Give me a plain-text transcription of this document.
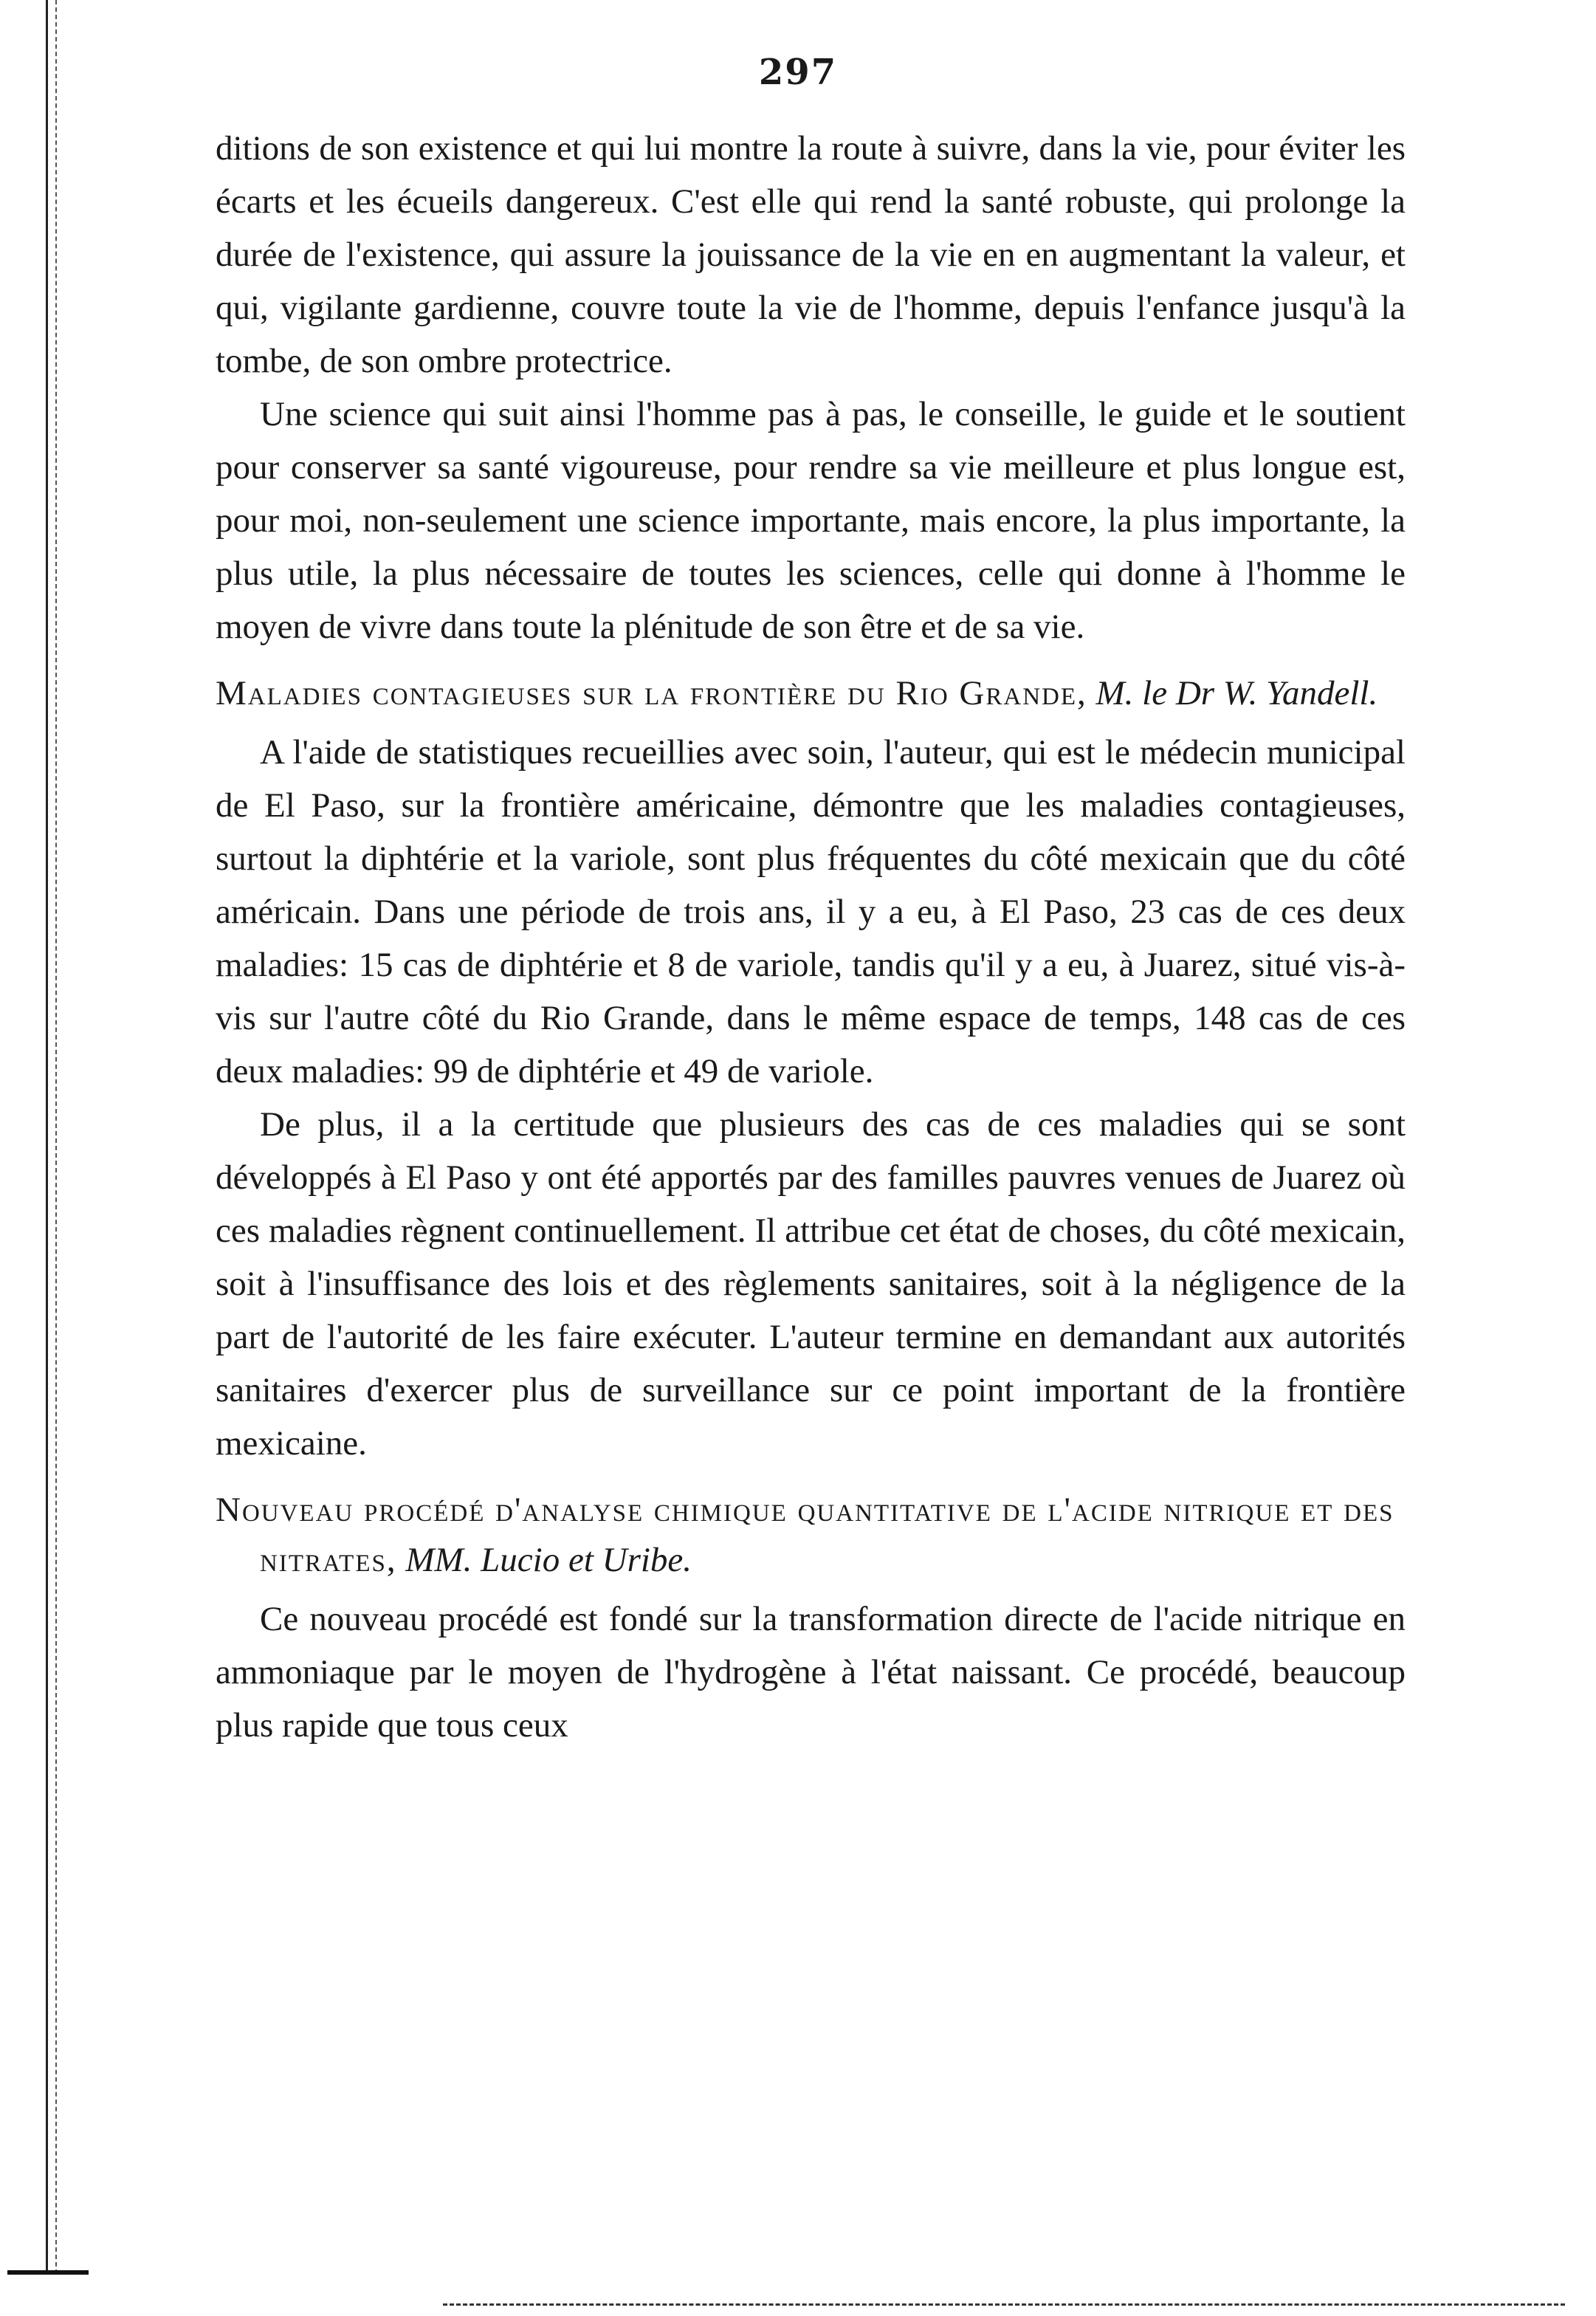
297

ditions de son existence et qui lui montre la route à suivre, dans la vie, pour éviter les écarts et les écueils dangereux. C'est elle qui rend la santé robuste, qui prolonge la durée de l'existence, qui assure la jouissance de la vie en en augmentant la valeur, et qui, vigilante gardienne, couvre toute la vie de l'homme, depuis l'enfance jusqu'à la tombe, de son ombre protectrice.

Une science qui suit ainsi l'homme pas à pas, le conseille, le guide et le soutient pour conserver sa santé vigoureuse, pour rendre sa vie meilleure et plus longue est, pour moi, non-seulement une science importante, mais encore, la plus importante, la plus utile, la plus nécessaire de toutes les sciences, celle qui donne à l'homme le moyen de vivre dans toute la plénitude de son être et de sa vie.

Maladies contagieuses sur la frontière du Rio Grande, M. le Dr W. Yandell.

A l'aide de statistiques recueillies avec soin, l'auteur, qui est le médecin municipal de El Paso, sur la frontière américaine, démontre que les maladies contagieuses, surtout la diphtérie et la variole, sont plus fréquentes du côté mexicain que du côté américain. Dans une période de trois ans, il y a eu, à El Paso, 23 cas de ces deux maladies: 15 cas de diphtérie et 8 de variole, tandis qu'il y a eu, à Juarez, situé vis-à-vis sur l'autre côté du Rio Grande, dans le même espace de temps, 148 cas de ces deux maladies: 99 de diphtérie et 49 de variole.

De plus, il a la certitude que plusieurs des cas de ces maladies qui se sont développés à El Paso y ont été apportés par des familles pauvres venues de Juarez où ces maladies règnent continuellement. Il attribue cet état de choses, du côté mexicain, soit à l'insuffisance des lois et des règlements sanitaires, soit à la négligence de la part de l'autorité de les faire exécuter. L'auteur termine en demandant aux autorités sanitaires d'exercer plus de surveillance sur ce point important de la frontière mexicaine.

Nouveau procédé d'analyse chimique quantitative de l'acide nitrique et des nitrates, MM. Lucio et Uribe.

Ce nouveau procédé est fondé sur la transformation directe de l'acide nitrique en ammoniaque par le moyen de l'hydrogène à l'état naissant. Ce procédé, beaucoup plus rapide que tous ceux
